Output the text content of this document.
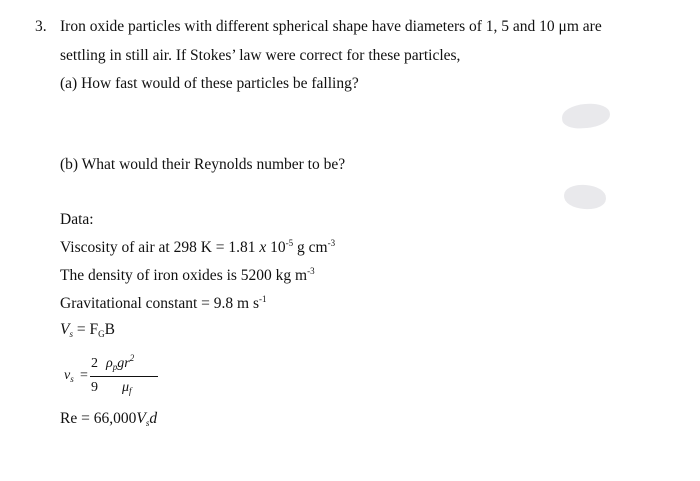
3. Iron oxide particles with different spherical shape have diameters of 1, 5 and 10 μm are
settling in still air. If Stokes’ law were correct for these particles,
(a) How fast would of these particles be falling?
(b) What would their Reynolds number to be?
Data:
Viscosity of air at 298 K = 1.81 x $10^{-5}$ g $cm^{-3}$
The density of iron oxides is 5200 kg $m^{-3}$
Gravitational constant = 9.8 m $s^{-1}$
$V_s = F_GB$
$v_s$ =
2 $\rho_pgr^2$
9 $\mu_f$
$Re = 66,000V_sd$
